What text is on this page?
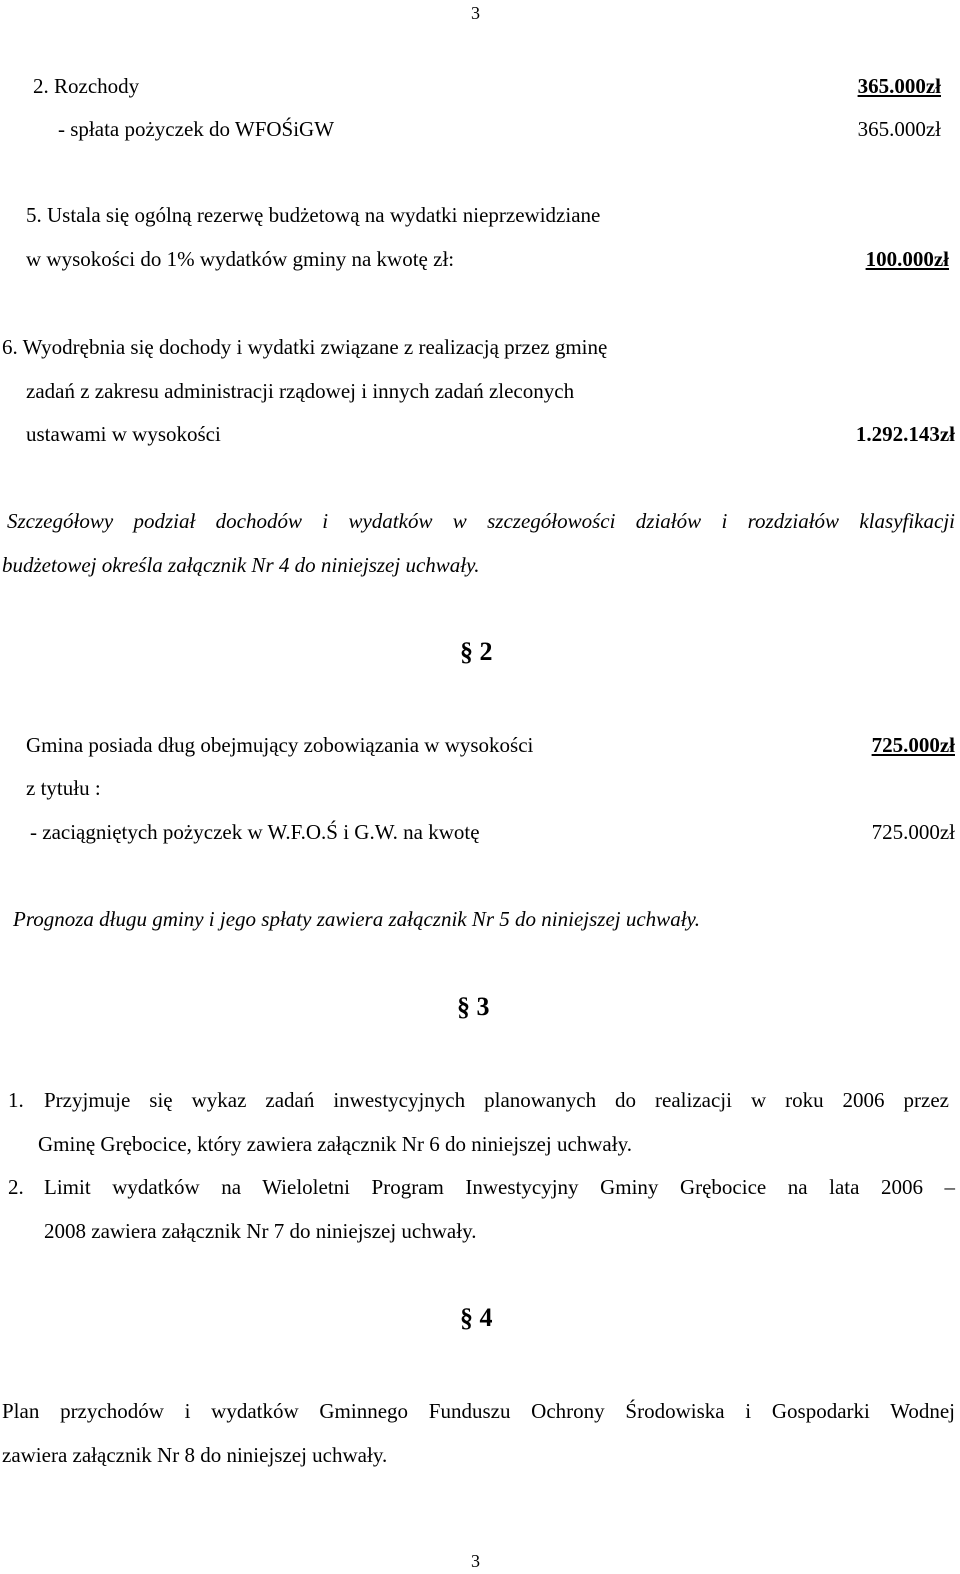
3
2. Rozchody	365.000zł
- spłata pożyczek do WFOŚiGW	365.000zł
5. Ustala się ogólną rezerwę budżetową na wydatki nieprzewidziane
w wysokości do 1% wydatków gminy na kwotę zł:	100.000zł
6. Wyodrębnia się dochody i wydatki związane z realizacją przez gminę
zadań z zakresu administracji rządowej i innych zadań zleconych
ustawami w wysokości	1.292.143zł
Szczegółowy podział dochodów i wydatków w szczegółowości działów i rozdziałów klasyfikacji
budżetowej określa załącznik Nr 4 do niniejszej uchwały.
§ 2
Gmina posiada dług obejmujący zobowiązania w wysokości	725.000zł
z tytułu :
- zaciągniętych pożyczek w W.F.O.Ś i G.W. na kwotę	725.000zł
Prognoza długu gminy i jego spłaty zawiera załącznik Nr 5 do niniejszej uchwały.
§ 3
1. Przyjmuje się wykaz zadań inwestycyjnych planowanych do realizacji w roku 2006 przez
Gminę Grębocice, który zawiera załącznik Nr 6 do niniejszej uchwały.
2. Limit wydatków na Wieloletni Program Inwestycyjny Gminy Grębocice na lata 2006 –
2008 zawiera załącznik Nr 7 do niniejszej uchwały.
§ 4
Plan przychodów i wydatków Gminnego Funduszu Ochrony Środowiska i Gospodarki Wodnej
zawiera załącznik Nr 8 do niniejszej uchwały.
3
